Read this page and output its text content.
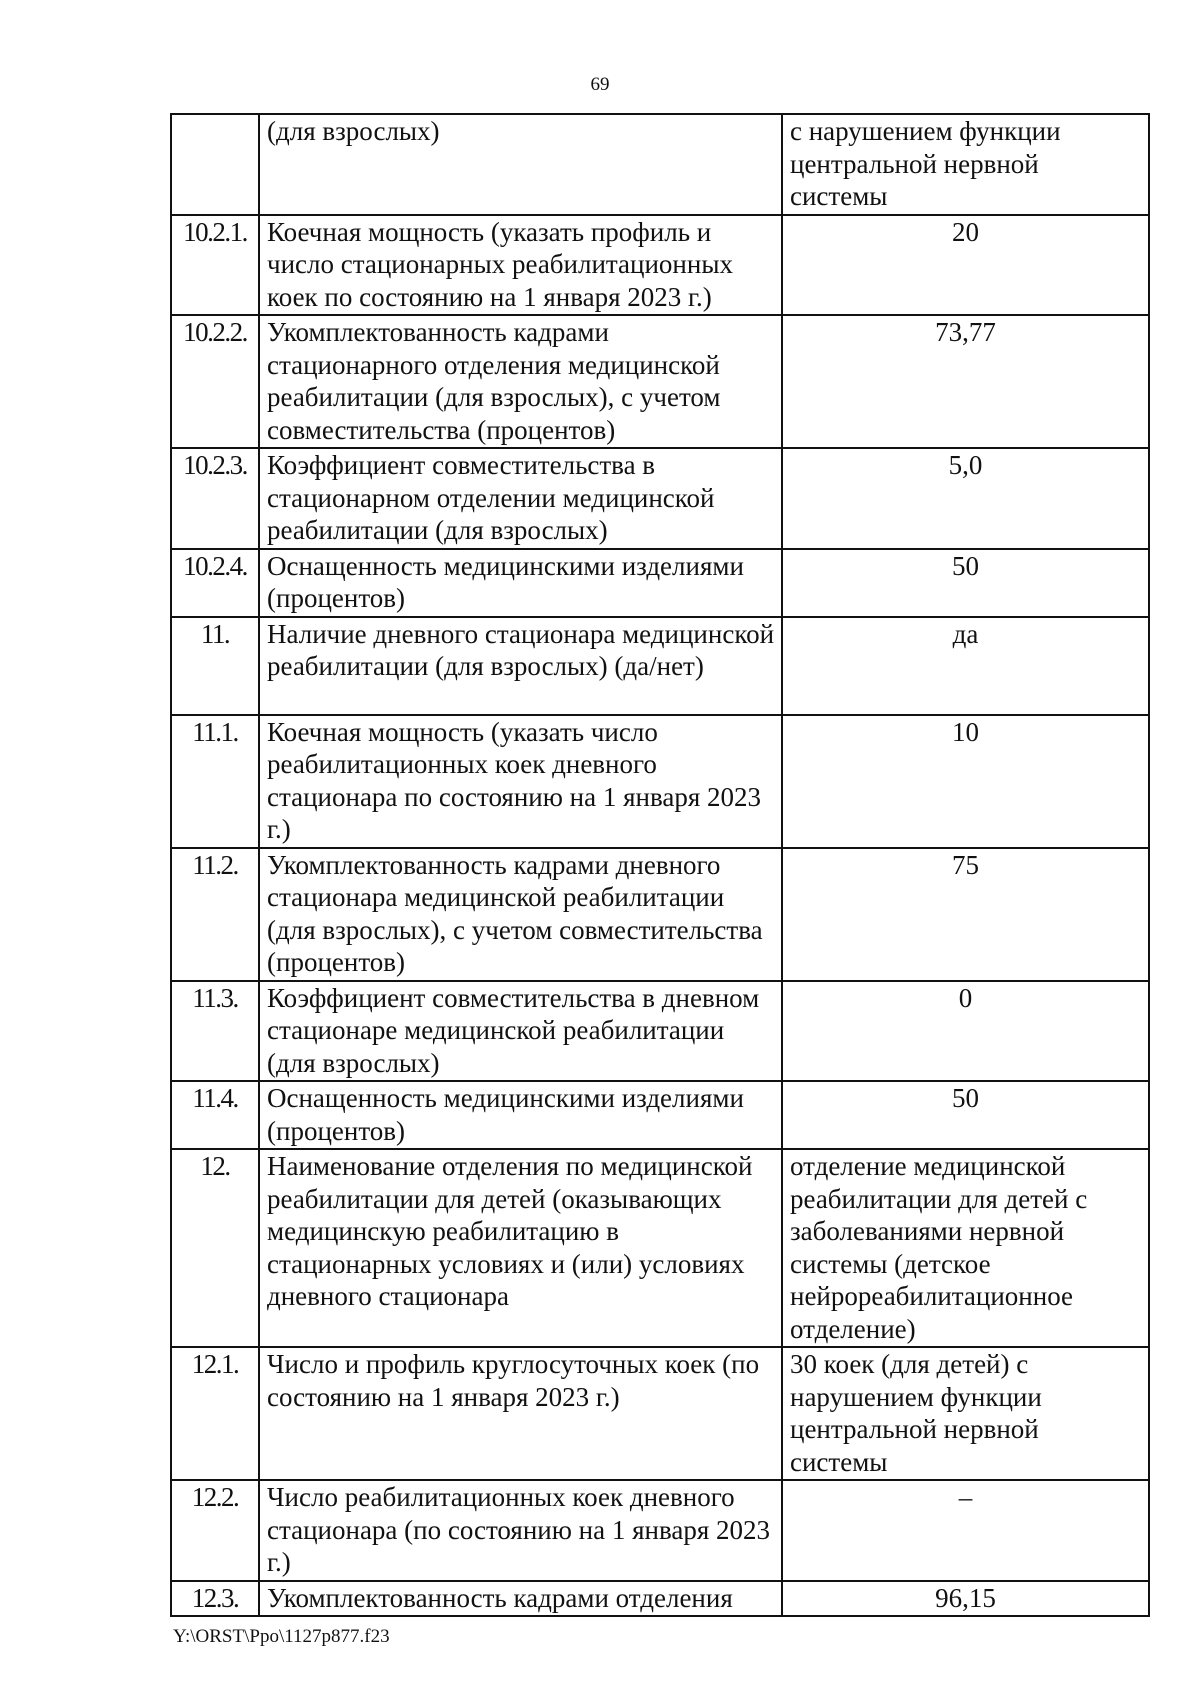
69
	(для взрослых)	с нарушением функции центральной нервной системы
10.2.1.	Коечная мощность (указать профиль и число стационарных реабилитационных коек по состоянию на 1 января 2023 г.)	20
10.2.2.	Укомплектованность кадрами стационарного отделения медицинской реабилитации (для взрослых), с учетом совместительства (процентов)	73,77
10.2.3.	Коэффициент совместительства в стационарном отделении медицинской реабилитации (для взрослых)	5,0
10.2.4.	Оснащенность медицинскими изделиями (процентов)	50
11.	Наличие дневного стационара медицинской реабилитации (для взрослых) (да/нет)	да
11.1.	Коечная мощность (указать число реабилитационных коек дневного стационара по состоянию на 1 января 2023 г.)	10
11.2.	Укомплектованность кадрами дневного стационара медицинской реабилитации (для взрослых), с учетом совместительства (процентов)	75
11.3.	Коэффициент совместительства в дневном стационаре медицинской реабилитации (для взрослых)	0
11.4.	Оснащенность медицинскими изделиями (процентов)	50
12.	Наименование отделения по медицинской реабилитации для детей (оказывающих медицинскую реабилитацию в стационарных условиях и (или) условиях дневного стационара	отделение медицинской реабилитации для детей с заболеваниями нервной системы (детское нейрореабилитационное отделение)
12.1.	Число и профиль круглосуточных коек (по состоянию на 1 января 2023 г.)	30 коек (для детей) с нарушением функции центральной нервной системы
12.2.	Число реабилитационных коек дневного стационара (по состоянию на 1 января 2023 г.)	–
12.3.	Укомплектованность кадрами отделения	96,15
Y:\ORST\Ppo\1127p877.f23
